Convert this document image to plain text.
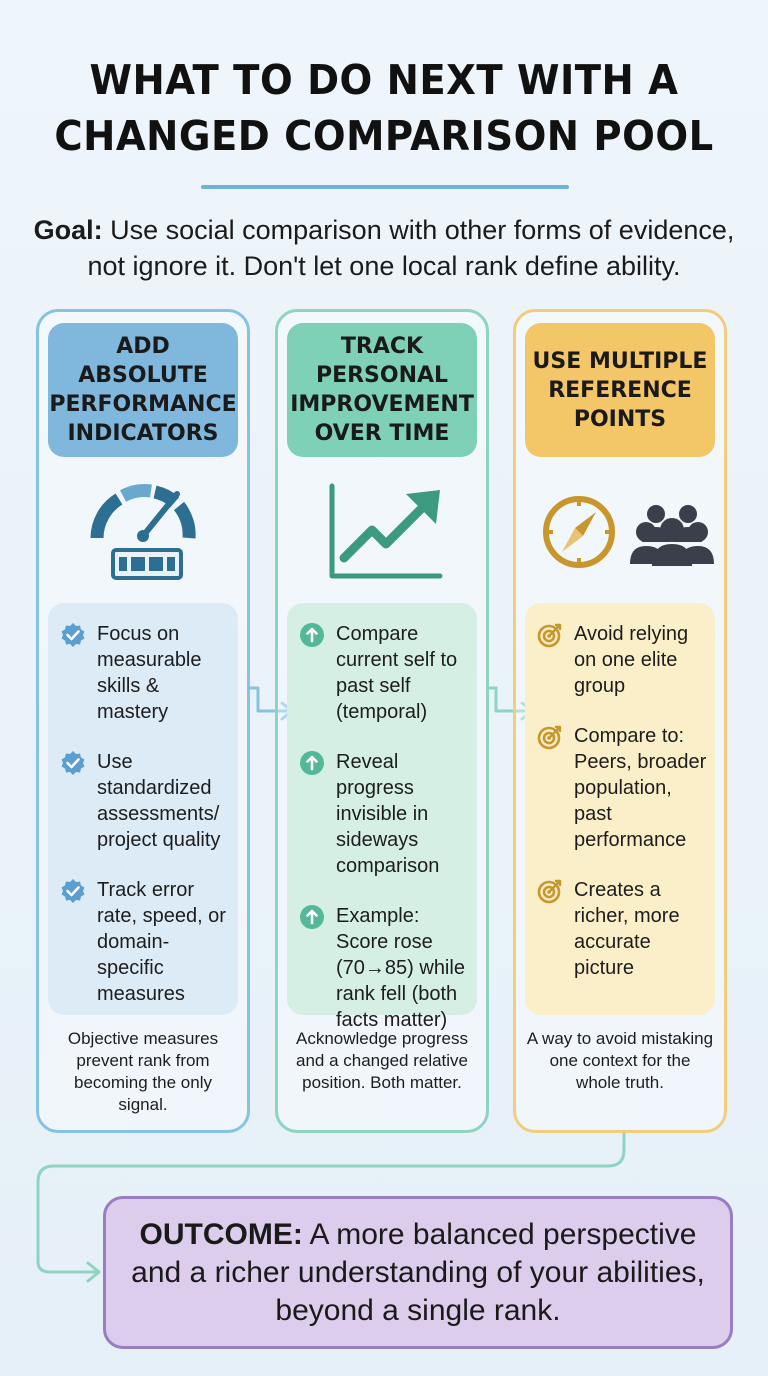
WHAT TO DO NEXT WITH A
CHANGED COMPARISON POOL
Goal: Use social comparison with other forms of evidence, not ignore it. Don't let one local rank define ability.
ADD ABSOLUTE PERFORMANCE INDICATORS
Focus on measurable skills & mastery
Use standardized assessments/ project quality
Track error rate, speed, or domain-specific measures
Objective measures prevent rank from becoming the only signal.
TRACK PERSONAL IMPROVEMENT OVER TIME
Compare current self to past self (temporal)
Reveal progress invisible in sideways comparison
Example: Score rose (70→85) while rank fell (both facts matter)
Acknowledge progress and a changed relative position. Both matter.
USE MULTIPLE REFERENCE POINTS
Avoid relying on one elite group
Compare to: Peers, broader population, past performance
Creates a richer, more accurate picture
A way to avoid mistaking one context for the whole truth.
OUTCOME: A more balanced perspective and a richer understanding of your abilities, beyond a single rank.
